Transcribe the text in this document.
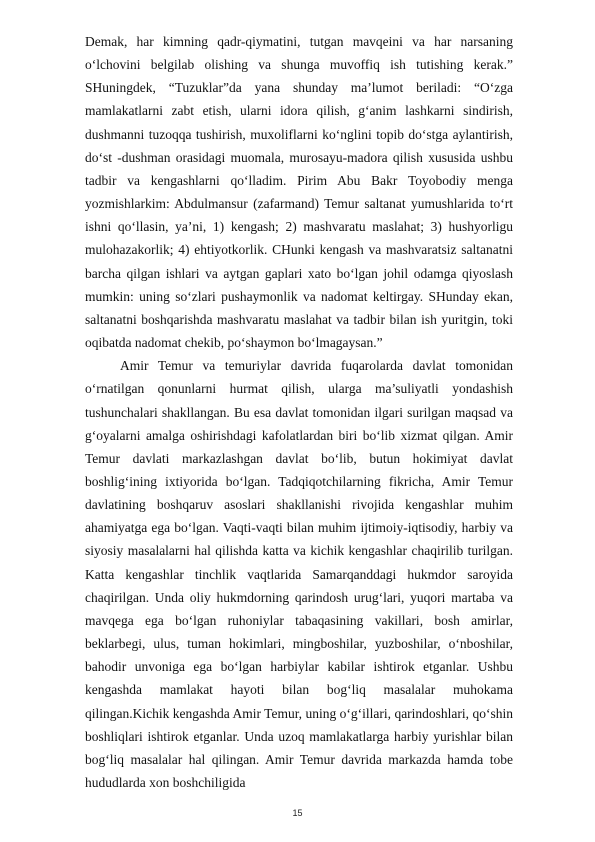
Demak, har kimning qadr-qiymatini, tutgan mavqeini va har narsaning o‘lchovini belgilab olishing va shunga muvoffiq ish tutishing kerak.” SHuningdek, “Tuzuklar”da yana shunday ma’lumot beriladi: “O‘zga mamlakatlarni zabt etish, ularni idora qilish, g‘anim lashkarni sindirish, dushmanni tuzoqqa tushirish, muxoliflarni ko‘nglini topib do‘stga aylantirish, do‘st -dushman orasidagi muomala, murosayu-madora qilish xususida ushbu tadbir va kengashlarni qo‘lladim. Pirim Abu Bakr Toyobodiy menga yozmishlarkim: Abdulmansur (zafarmand) Temur saltanat yumushlarida to‘rt ishni qo‘llasin, ya’ni, 1) kengash; 2) mashvaratu maslahat; 3) hushyorligu mulohazakorlik; 4) ehtiyotkorlik. CHunki kengash va mashvaratsiz saltanatni barcha qilgan ishlari va aytgan gaplari xato bo‘lgan johil odamga qiyoslash mumkin: uning so‘zlari pushaymonlik va nadomat keltirgay. SHunday ekan, saltanatni boshqarishda mashvaratu maslahat va tadbir bilan ish yuritgin, toki oqibatda nadomat chekib, po‘shaymon bo‘lmagaysan.”

Amir Temur va temuriylar davrida fuqarolarda davlat tomonidan o‘rnatilgan qonunlarni hurmat qilish, ularga ma’suliyatli yondashish tushunchalari shakllangan. Bu esa davlat tomonidan ilgari surilgan maqsad va g‘oyalarni amalga oshirishdagi kafolatlardan biri bo‘lib xizmat qilgan. Amir Temur davlati markazlashgan davlat bo‘lib, butun hokimiyat davlat boshlig‘ining ixtiyorida bo‘lgan. Tadqiqotchilarning fikricha, Amir Temur davlatining boshqaruv asoslari shakllanishi rivojida kengashlar muhim ahamiyatga ega bo‘lgan. Vaqti-vaqti bilan muhim ijtimoiy-iqtisodiy, harbiy va siyosiy masalalarni hal qilishda katta va kichik kengashlar chaqirilib turilgan. Katta kengashlar tinchlik vaqtlarida Samarqanddagi hukmdor saroyida chaqirilgan. Unda oliy hukmdorning qarindosh urug‘lari, yuqori martaba va mavqega ega bo‘lgan ruhoniylar tabaqasining vakillari, bosh amirlar, beklarbegi, ulus, tuman hokimlari, mingboshilar, yuzboshilar, o‘nboshilar, bahodir unvoniga ega bo‘lgan harbiylar kabilar ishtirok etganlar. Ushbu kengashda mamlakat hayoti bilan bog‘liq masalalar muhokama qilingan.Kichik kengashda Amir Temur, uning o‘g‘illari, qarindoshlari, qo‘shin boshliqlari ishtirok etganlar. Unda uzoq mamlakatlarga harbiy yurishlar bilan bog‘liq masalalar hal qilingan. Amir Temur davrida markazda hamda tobe hududlarda xon boshchiligida

15
